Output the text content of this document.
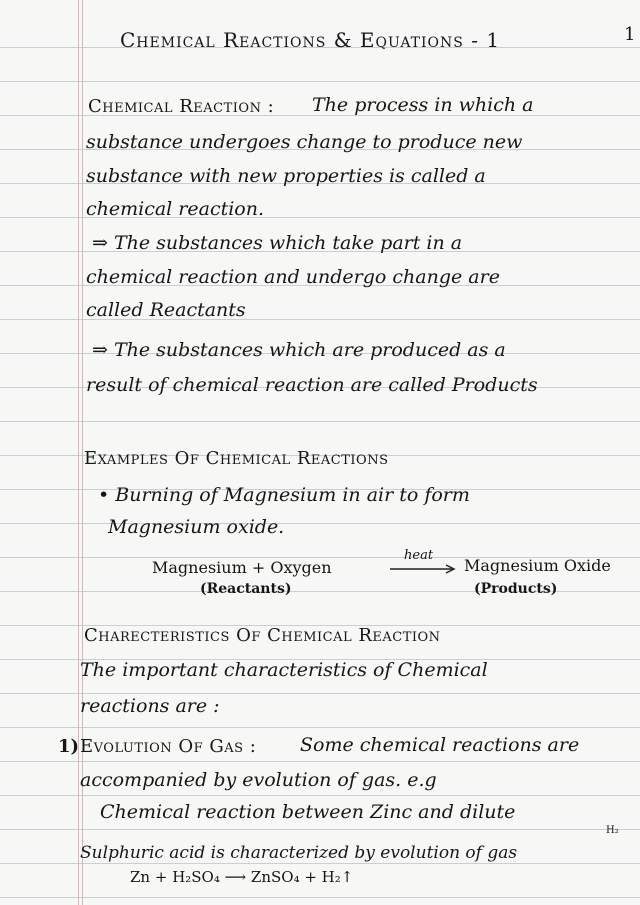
Chemical Reactions & Equations - 1	1
Chemical Reaction : The process in which a
substance undergoes change to produce new
substance with new properties is called a
chemical reaction.
⇒ The substances which take part in a
chemical reaction and undergo change are
called Reactants
⇒ The substances which are produced as a
result of chemical reaction are called Products
Examples Of Chemical Reactions
• Burning of Magnesium in air to form
Magnesium oxide.
Magnesium + Oxygen
heat
Magnesium Oxide
(Reactants)	(Products)
Charecteristics Of Chemical Reaction
The important characteristics of Chemical
reactions are :
1) Evolution Of Gas : Some chemical reactions are
accompanied by evolution of gas. e.g
Chemical reaction between Zinc and dilute
Sulphuric acid is characterized by evolution of gas
H₂
Zn + H₂SO₄ ⟶ ZnSO₄ + H₂↑
